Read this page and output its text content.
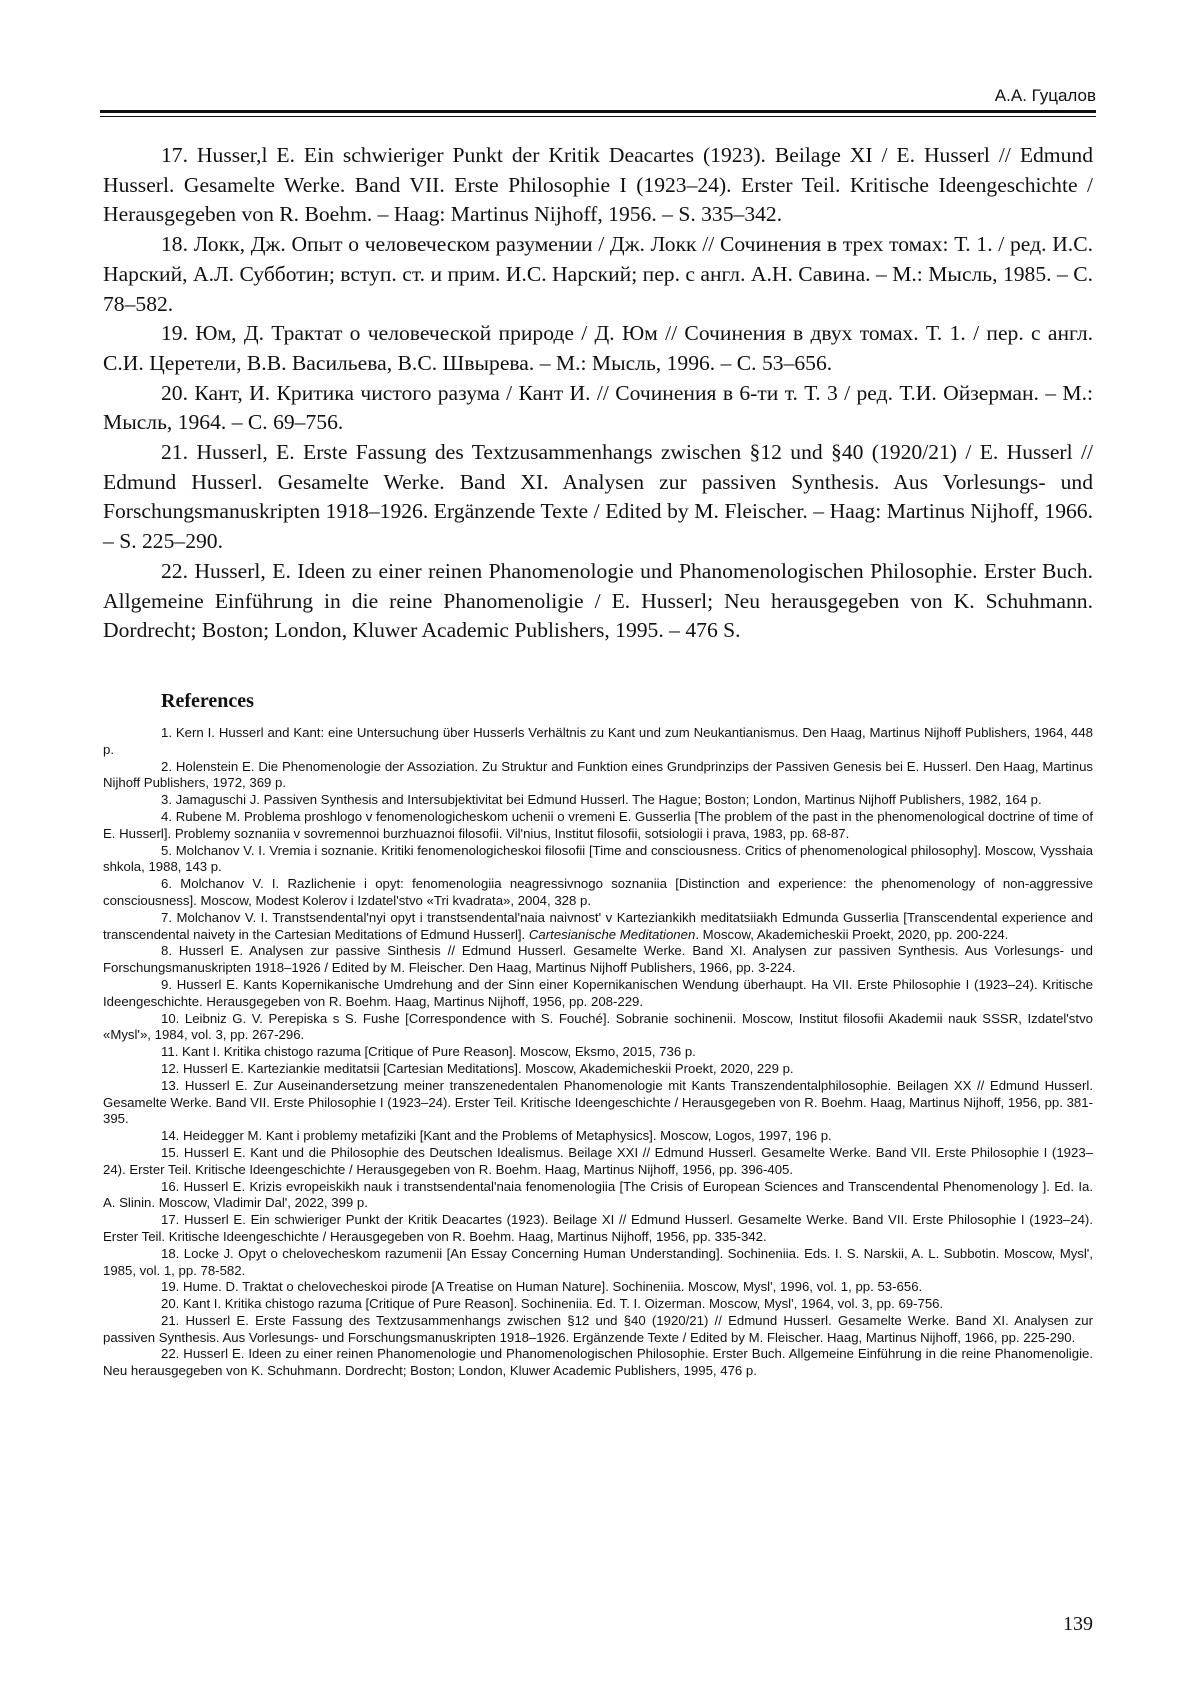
А.А. Гуцалов

17. Husser,l E. Ein schwieriger Punkt der Kritik Deacartes (1923). Beilage XI / E. Husserl // Edmund Husserl. Gesamelte Werke. Band VII. Erste Philosophie I (1923–24). Erster Teil. Kritische Ideengeschichte / Herausgegeben von R. Boehm. – Haag: Martinus Nijhoff, 1956. – S. 335–342.

18. Локк, Дж. Опыт о человеческом разумении / Дж. Локк // Сочинения в трех томах: Т. 1. / ред. И.С. Нарский, А.Л. Субботин; вступ. ст. и прим. И.С. Нарский; пер. с англ. А.Н. Савина. – М.: Мысль, 1985. – С. 78–582.

19. Юм, Д. Трактат о человеческой природе / Д. Юм // Сочинения в двух томах. Т. 1. / пер. с англ. С.И. Церетели, В.В. Васильева, В.С. Швырева. – М.: Мысль, 1996. – С. 53–656.

20. Кант, И. Критика чистого разума / Кант И. // Сочинения в 6-ти т. Т. 3 / ред. Т.И. Ойзерман. – М.: Мысль, 1964. – С. 69–756.

21. Husserl, E. Erste Fassung des Textzusammenhangs zwischen §12 und §40 (1920/21) / E. Husserl // Edmund Husserl. Gesamelte Werke. Band XI. Analysen zur passiven Synthesis. Aus Vorlesungs- und Forschungsmanuskripten 1918–1926. Ergänzende Texte / Edited by M. Fleischer. – Haag: Martinus Nijhoff, 1966. – S. 225–290.

22. Husserl, E. Ideen zu einer reinen Phanomenologie und Phanomenologischen Philosophie. Erster Buch. Allgemeine Einführung in die reine Phanomenoligie / E. Husserl; Neu herausgegeben von K. Schuhmann. Dordrecht; Boston; London, Kluwer Academic Publishers, 1995. – 476 S.

References

1. Kern I. Husserl and Kant: eine Untersuchung über Husserls Verhältnis zu Kant und zum Neukantianismus. Den Haag, Martinus Nijhoff Publishers, 1964, 448 p.

2. Holenstein E. Die Phenomenologie der Assoziation. Zu Struktur and Funktion eines Grundprinzips der Passiven Genesis bei E. Husserl. Den Haag, Martinus Nijhoff Publishers, 1972, 369 p.

3. Jamaguschi J. Passiven Synthesis and Intersubjektivitat bei Edmund Husserl. The Hague; Boston; London, Martinus Nijhoff Publishers, 1982, 164 p.

4. Rubene M. Problema proshlogo v fenomenologicheskom uchenii o vremeni E. Gusserlia [The problem of the past in the phenomenological doctrine of time of E. Husserl]. Problemy soznaniia v sovremennoi burzhuaznoi filosofii. Vil'nius, Institut filosofii, sotsiologii i prava, 1983, pp. 68-87.

5. Molchanov V. I. Vremia i soznanie. Kritiki fenomenologicheskoi filosofii [Time and consciousness. Critics of phenomenological philosophy]. Moscow, Vysshaia shkola, 1988, 143 p.

6. Molchanov V. I. Razlichenie i opyt: fenomenologiia neagressivnogo soznaniia [Distinction and experience: the phenomenology of non-aggressive consciousness]. Moscow, Modest Kolerov i Izdatel'stvo «Tri kvadrata», 2004, 328 p.

7. Molchanov V. I. Transtsendental'nyi opyt i transtsendental'naia naivnost' v Karteziankikh meditatsiiakh Edmunda Gusserlia [Transcendental experience and transcendental naivety in the Cartesian Meditations of Edmund Husserl]. Cartesianische Meditationen. Moscow, Akademicheskii Proekt, 2020, pp. 200-224.

8. Husserl E. Analysen zur passive Sinthesis // Edmund Husserl. Gesamelte Werke. Band XI. Analysen zur passiven Synthesis. Aus Vorlesungs- und Forschungsmanuskripten 1918–1926 / Edited by M. Fleischer. Den Haag, Martinus Nijhoff Publishers, 1966, pp. 3-224.

9. Husserl E. Kants Kopernikanische Umdrehung and der Sinn einer Kopernikanischen Wendung überhaupt. Ha VII. Erste Philosophie I (1923–24). Kritische Ideengeschichte. Herausgegeben von R. Boehm. Haag, Martinus Nijhoff, 1956, pp. 208-229.

10. Leibniz G. V. Perepiska s S. Fushe [Correspondence with S. Fouché]. Sobranie sochinenii. Moscow, Institut filosofii Akademii nauk SSSR, Izdatel'stvo «Mysl'», 1984, vol. 3, pp. 267-296.

11. Kant I. Kritika chistogo razuma [Critique of Pure Reason]. Moscow, Eksmo, 2015, 736 p.

12. Husserl E. Karteziankie meditatsii [Cartesian Meditations]. Moscow, Akademicheskii Proekt, 2020, 229 p.

13. Husserl E. Zur Auseinandersetzung meiner transzenedentalen Phanomenologie mit Kants Transzendentalphilosophie. Beilagen XX // Edmund Husserl. Gesamelte Werke. Band VII. Erste Philosophie I (1923–24). Erster Teil. Kritische Ideengeschichte / Herausgegeben von R. Boehm. Haag, Martinus Nijhoff, 1956, pp. 381-395.

14. Heidegger M. Kant i problemy metafiziki [Kant and the Problems of Metaphysics]. Moscow, Logos, 1997, 196 p.

15. Husserl E. Kant und die Philosophie des Deutschen Idealismus. Beilage XXI // Edmund Husserl. Gesamelte Werke. Band VII. Erste Philosophie I (1923–24). Erster Teil. Kritische Ideengeschichte / Herausgegeben von R. Boehm. Haag, Martinus Nijhoff, 1956, pp. 396-405.

16. Husserl E. Krizis evropeiskikh nauk i transtsendental'naia fenomenologiia [The Crisis of European Sciences and Transcendental Phenomenology ]. Ed. Ia. A. Slinin. Moscow, Vladimir Dal', 2022, 399 p.

17. Husserl E. Ein schwieriger Punkt der Kritik Deacartes (1923). Beilage XI // Edmund Husserl. Gesamelte Werke. Band VII. Erste Philosophie I (1923–24). Erster Teil. Kritische Ideengeschichte / Herausgegeben von R. Boehm. Haag, Martinus Nijhoff, 1956, pp. 335-342.

18. Locke J. Opyt o chelovecheskom razumenii [An Essay Concerning Human Understanding]. Sochineniia. Eds. I. S. Narskii, A. L. Subbotin. Moscow, Mysl', 1985, vol. 1, pp. 78-582.

19. Hume. D. Traktat o chelovecheskoi pirode [A Treatise on Human Nature]. Sochineniia. Moscow, Mysl', 1996, vol. 1, pp. 53-656.

20. Kant I. Kritika chistogo razuma [Critique of Pure Reason]. Sochineniia. Ed. T. I. Oizerman. Moscow, Mysl', 1964, vol. 3, pp. 69-756.

21. Husserl E. Erste Fassung des Textzusammenhangs zwischen §12 und §40 (1920/21) // Edmund Husserl. Gesamelte Werke. Band XI. Analysen zur passiven Synthesis. Aus Vorlesungs- und Forschungsmanuskripten 1918–1926. Ergänzende Texte / Edited by M. Fleischer. Haag, Martinus Nijhoff, 1966, pp. 225-290.

22. Husserl E. Ideen zu einer reinen Phanomenologie und Phanomenologischen Philosophie. Erster Buch. Allgemeine Einführung in die reine Phanomenoligie. Neu herausgegeben von K. Schuhmann. Dordrecht; Boston; London, Kluwer Academic Publishers, 1995, 476 p.

139
